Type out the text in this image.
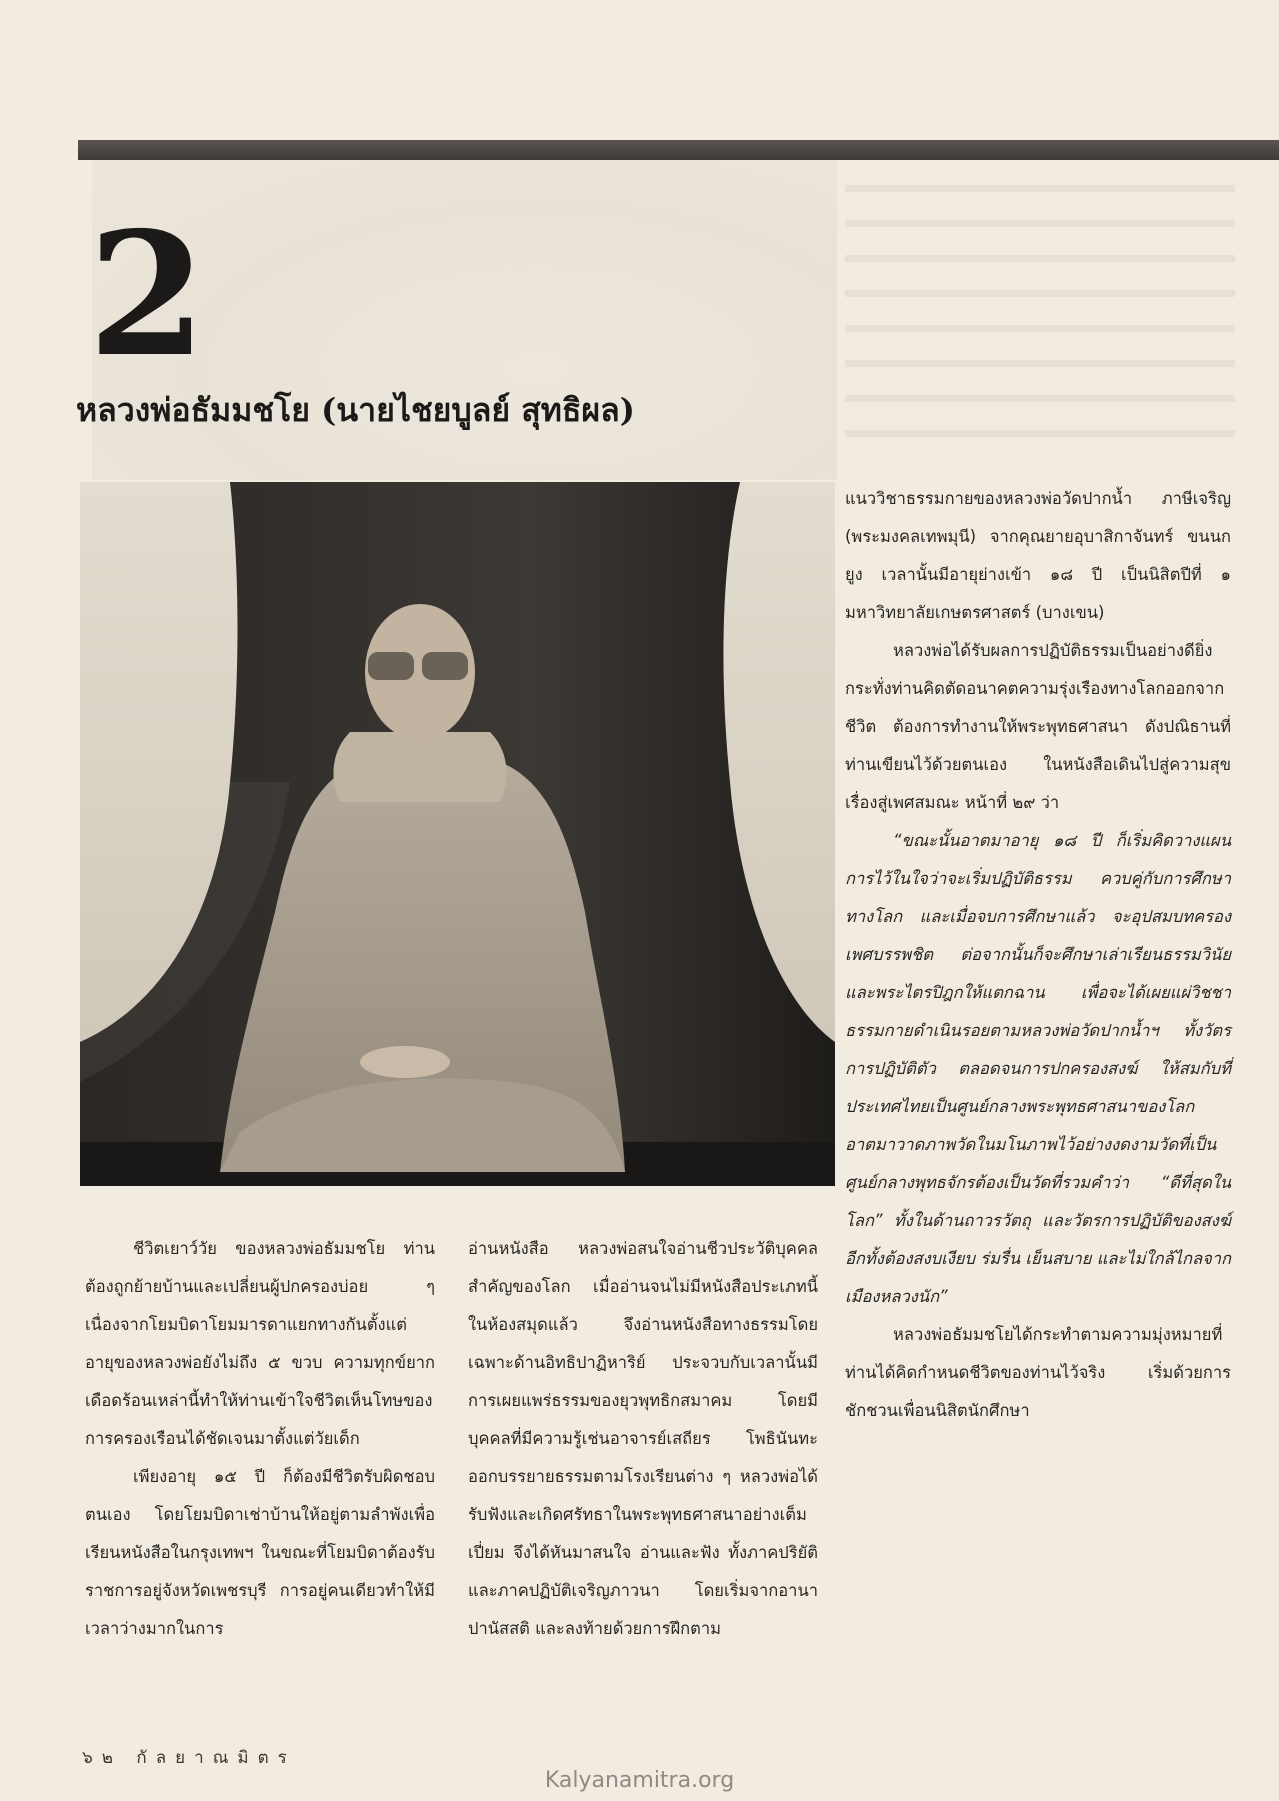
2
หลวงพ่อธัมมชโย (นายไชยบูลย์ สุทธิผล)

แนววิชาธรรมกายของหลวงพ่อวัดปากน้ำ ภาษีเจริญ (พระมงคลเทพมุนี) จากคุณยายอุบาสิกาจันทร์ ขนนกยูง เวลานั้นมีอายุย่างเข้า ๑๘ ปี เป็นนิสิตปีที่ ๑ มหาวิทยาลัยเกษตรศาสตร์ (บางเขน)

หลวงพ่อได้รับผลการปฏิบัติธรรมเป็นอย่างดียิ่ง กระทั่งท่านคิดตัดอนาคตความรุ่งเรืองทางโลกออกจากชีวิต ต้องการทำงานให้พระพุทธศาสนา ดังปณิธานที่ท่านเขียนไว้ด้วยตนเอง ในหนังสือเดินไปสู่ความสุข เรื่องสู่เพศสมณะ หน้าที่ ๒๙ ว่า

“ขณะนั้นอาตมาอายุ ๑๘ ปี ก็เริ่มคิดวางแผนการไว้ในใจว่าจะเริ่มปฏิบัติธรรม ควบคู่กับการศึกษาทางโลก และเมื่อจบการศึกษาแล้ว จะอุปสมบทครองเพศบรรพชิต ต่อจากนั้นก็จะศึกษาเล่าเรียนธรรมวินัยและพระไตรปิฎกให้แตกฉาน เพื่อจะได้เผยแผ่วิชชาธรรมกายดำเนินรอยตามหลวงพ่อวัดปากน้ำฯ ทั้งวัตรการปฏิบัติตัว ตลอดจนการปกครองสงฆ์ ให้สมกับที่ประเทศไทยเป็นศูนย์กลางพระพุทธศาสนาของโลก อาตมาวาดภาพวัดในมโนภาพไว้อย่างงดงามวัดที่เป็นศูนย์กลางพุทธจักรต้องเป็นวัดที่รวมคำว่า “ดีที่สุดในโลก” ทั้งในด้านถาวรวัตถุ และวัตรการปฏิบัติของสงฆ์อีกทั้งต้องสงบเงียบ ร่มรื่น เย็นสบาย และไม่ใกล้ไกลจากเมืองหลวงนัก”

หลวงพ่อธัมมชโยได้กระทำตามความมุ่งหมายที่ท่านได้คิดกำหนดชีวิตของท่านไว้จริง เริ่มด้วยการชักชวนเพื่อนนิสิตนักศึกษา

ชีวิตเยาว์วัย ของหลวงพ่อธัมมชโย ท่านต้องถูกย้ายบ้านและเปลี่ยนผู้ปกครองบ่อย ๆ เนื่องจากโยมบิดาโยมมารดาแยกทางกันตั้งแต่อายุของหลวงพ่อยังไม่ถึง ๕ ขวบ ความทุกข์ยากเดือดร้อนเหล่านี้ทำให้ท่านเข้าใจชีวิตเห็นโทษของการครองเรือนได้ชัดเจนมาตั้งแต่วัยเด็ก

เพียงอายุ ๑๕ ปี ก็ต้องมีชีวิตรับผิดชอบตนเอง โดยโยมบิดาเช่าบ้านให้อยู่ตามลำพังเพื่อเรียนหนังสือในกรุงเทพฯ ในขณะที่โยมบิดาต้องรับราชการอยู่จังหวัดเพชรบุรี การอยู่คนเดียวทำให้มีเวลาว่างมากในการ

อ่านหนังสือ หลวงพ่อสนใจอ่านชีวประวัติบุคคลสำคัญของโลก เมื่ออ่านจนไม่มีหนังสือประเภทนี้ในห้องสมุดแล้ว จึงอ่านหนังสือทางธรรมโดยเฉพาะด้านอิทธิปาฏิหาริย์ ประจวบกับเวลานั้นมีการเผยแพร่ธรรมของยุวพุทธิกสมาคม โดยมีบุคคลที่มีความรู้เช่นอาจารย์เสถียร โพธินันทะ ออกบรรยายธรรมตามโรงเรียนต่าง ๆ หลวงพ่อได้รับฟังและเกิดศรัทธาในพระพุทธศาสนาอย่างเต็มเปี่ยม จึงได้หันมาสนใจ อ่านและฟัง ทั้งภาคปริยัติและภาคปฏิบัติเจริญภาวนา โดยเริ่มจากอานาปานัสสติ และลงท้ายด้วยการฝึกตาม

๖๒ กัลยาณมิตร
Kalyanamitra.org
